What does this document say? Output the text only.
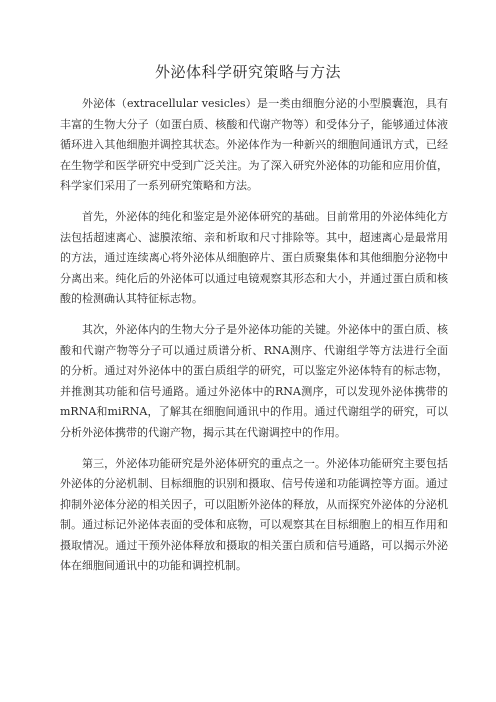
外泌体科学研究策略与方法

外泌体（extracellular vesicles）是一类由细胞分泌的小型膜囊泡，具有丰富的生物大分子（如蛋白质、核酸和代谢产物等）和受体分子，能够通过体液循环进入其他细胞并调控其状态。外泌体作为一种新兴的细胞间通讯方式，已经在生物学和医学研究中受到广泛关注。为了深入研究外泌体的功能和应用价值，科学家们采用了一系列研究策略和方法。

首先，外泌体的纯化和鉴定是外泌体研究的基础。目前常用的外泌体纯化方法包括超速离心、滤膜浓缩、亲和析取和尺寸排除等。其中，超速离心是最常用的方法，通过连续离心将外泌体从细胞碎片、蛋白质聚集体和其他细胞分泌物中分离出来。纯化后的外泌体可以通过电镜观察其形态和大小，并通过蛋白质和核酸的检测确认其特征标志物。

其次，外泌体内的生物大分子是外泌体功能的关键。外泌体中的蛋白质、核酸和代谢产物等分子可以通过质谱分析、RNA测序、代谢组学等方法进行全面的分析。通过对外泌体中的蛋白质组学的研究，可以鉴定外泌体特有的标志物，并推测其功能和信号通路。通过外泌体中的RNA测序，可以发现外泌体携带的mRNA和miRNA，了解其在细胞间通讯中的作用。通过代谢组学的研究，可以分析外泌体携带的代谢产物，揭示其在代谢调控中的作用。

第三，外泌体功能研究是外泌体研究的重点之一。外泌体功能研究主要包括外泌体的分泌机制、目标细胞的识别和摄取、信号传递和功能调控等方面。通过抑制外泌体分泌的相关因子，可以阻断外泌体的释放，从而探究外泌体的分泌机制。通过标记外泌体表面的受体和底物，可以观察其在目标细胞上的相互作用和摄取情况。通过干预外泌体释放和摄取的相关蛋白质和信号通路，可以揭示外泌体在细胞间通讯中的功能和调控机制。
